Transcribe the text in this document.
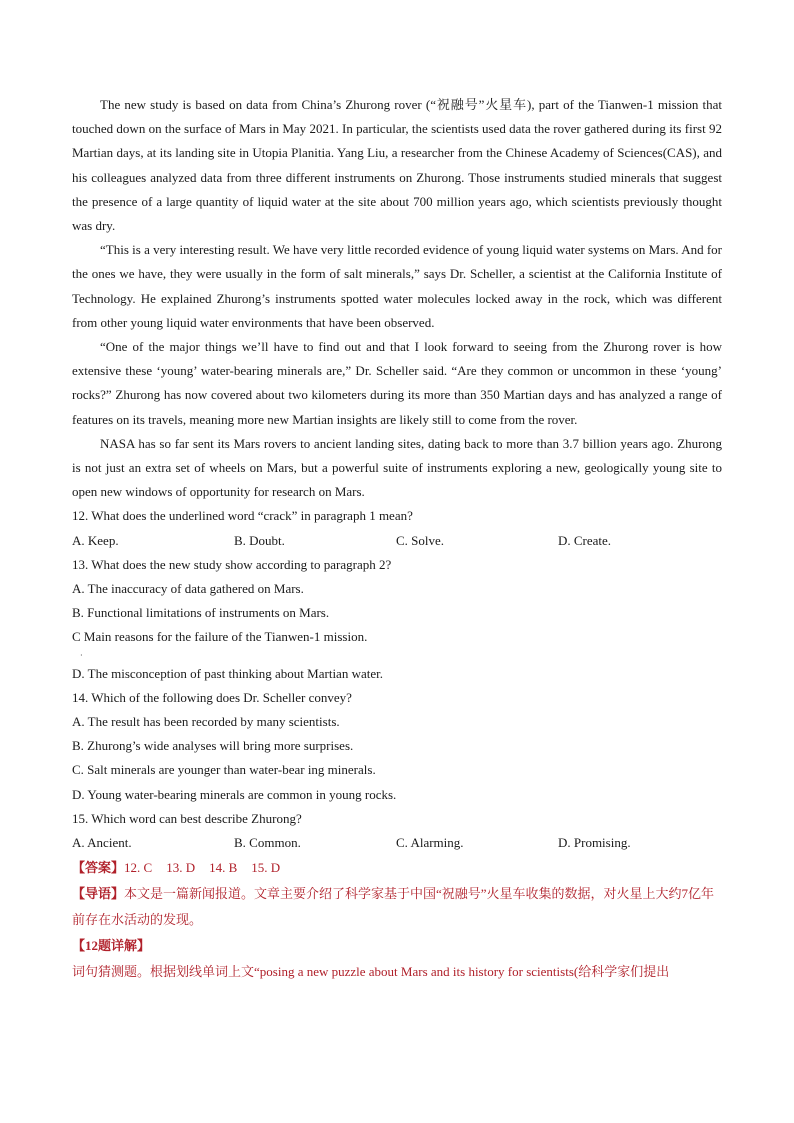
The new study is based on data from China’s Zhurong rover (“祝融号”火星车), part of the Tianwen-1 mission that touched down on the surface of Mars in May 2021. In particular, the scientists used data the rover gathered during its first 92 Martian days, at its landing site in Utopia Planitia. Yang Liu, a researcher from the Chinese Academy of Sciences(CAS), and his colleagues analyzed data from three different instruments on Zhurong. Those instruments studied minerals that suggest the presence of a large quantity of liquid water at the site about 700 million years ago, which scientists previously thought was dry.

“This is a very interesting result. We have very little recorded evidence of young liquid water systems on Mars. And for the ones we have, they were usually in the form of salt minerals,” says Dr. Scheller, a scientist at the California Institute of Technology. He explained Zhurong’s instruments spotted water molecules locked away in the rock, which was different from other young liquid water environments that have been observed.

“One of the major things we’ll have to find out and that I look forward to seeing from the Zhurong rover is how extensive these ‘young’ water-bearing minerals are,” Dr. Scheller said. “Are they common or uncommon in these ‘young’ rocks?” Zhurong has now covered about two kilometers during its more than 350 Martian days and has analyzed a range of features on its travels, meaning more new Martian insights are likely still to come from the rover.

NASA has so far sent its Mars rovers to ancient landing sites, dating back to more than 3.7 billion years ago. Zhurong is not just an extra set of wheels on Mars, but a powerful suite of instruments exploring a new, geologically young site to open new windows of opportunity for research on Mars.

12. What does the underlined word “crack” in paragraph 1 mean?

A. Keep.	B. Doubt.	C. Solve.	D. Create.

13. What does the new study show according to paragraph 2?

A. The inaccuracy of data gathered on Mars.

B. Functional limitations of instruments on Mars.

C Main reasons for the failure of the Tianwen-1 mission.

·

D. The misconception of past thinking about Martian water.

14. Which of the following does Dr. Scheller convey?

A. The result has been recorded by many scientists.

B. Zhurong’s wide analyses will bring more surprises.

C. Salt minerals are younger than water-bear ing minerals.

D. Young water-bearing minerals are common in young rocks.

15. Which word can best describe Zhurong?

A. Ancient.	B. Common.	C. Alarming.	D. Promising.

【答案】12. C 13. D 14. B 15. D

【导语】本文是一篇新闻报道。文章主要介绍了科学家基于中国“祝融号”火星车收集的数据，对火星上大约7亿年前存在水活动的发现。

【12题详解】

词句猜测题。根据划线单词上文“posing a new puzzle about Mars and its history for scientists(给科学家们提出
